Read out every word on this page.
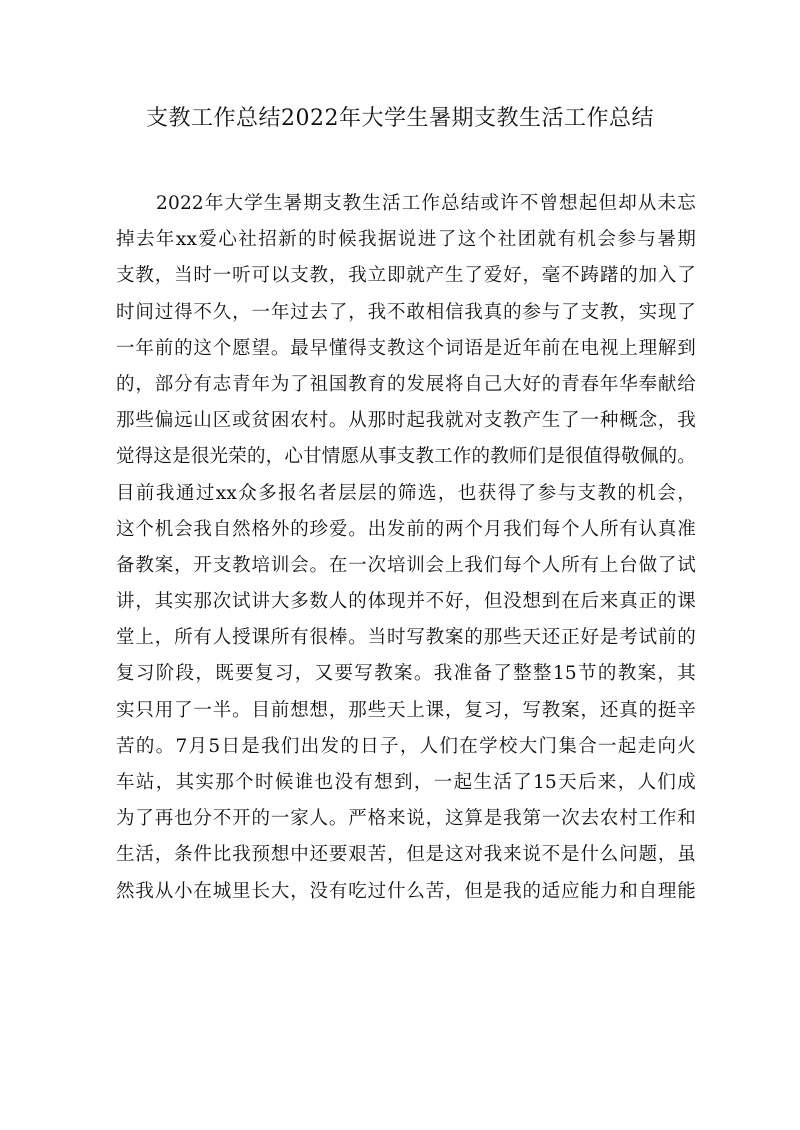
支教工作总结2022年大学生暑期支教生活工作总结
2022年大学生暑期支教生活工作总结或许不曾想起但却从未忘
掉去年xx爱心社招新的时候我据说进了这个社团就有机会参与暑期
支教，当时一听可以支教，我立即就产生了爱好，毫不踌躇的加入了
时间过得不久，一年过去了，我不敢相信我真的参与了支教，实现了
一年前的这个愿望。最早懂得支教这个词语是近年前在电视上理解到
的，部分有志青年为了祖国教育的发展将自己大好的青春年华奉献给
那些偏远山区或贫困农村。从那时起我就对支教产生了一种概念，我
觉得这是很光荣的，心甘情愿从事支教工作的教师们是很值得敬佩的。
目前我通过xx众多报名者层层的筛选，也获得了参与支教的机会，
这个机会我自然格外的珍爱。出发前的两个月我们每个人所有认真准
备教案，开支教培训会。在一次培训会上我们每个人所有上台做了试
讲，其实那次试讲大多数人的体现并不好，但没想到在后来真正的课
堂上，所有人授课所有很棒。当时写教案的那些天还正好是考试前的
复习阶段，既要复习，又要写教案。我准备了整整15节的教案，其
实只用了一半。目前想想，那些天上课，复习，写教案，还真的挺辛
苦的。7月5日是我们出发的日子，人们在学校大门集合一起走向火
车站，其实那个时候谁也没有想到，一起生活了15天后来，人们成
为了再也分不开的一家人。严格来说，这算是我第一次去农村工作和
生活，条件比我预想中还要艰苦，但是这对我来说不是什么问题，虽
然我从小在城里长大，没有吃过什么苦，但是我的适应能力和自理能
